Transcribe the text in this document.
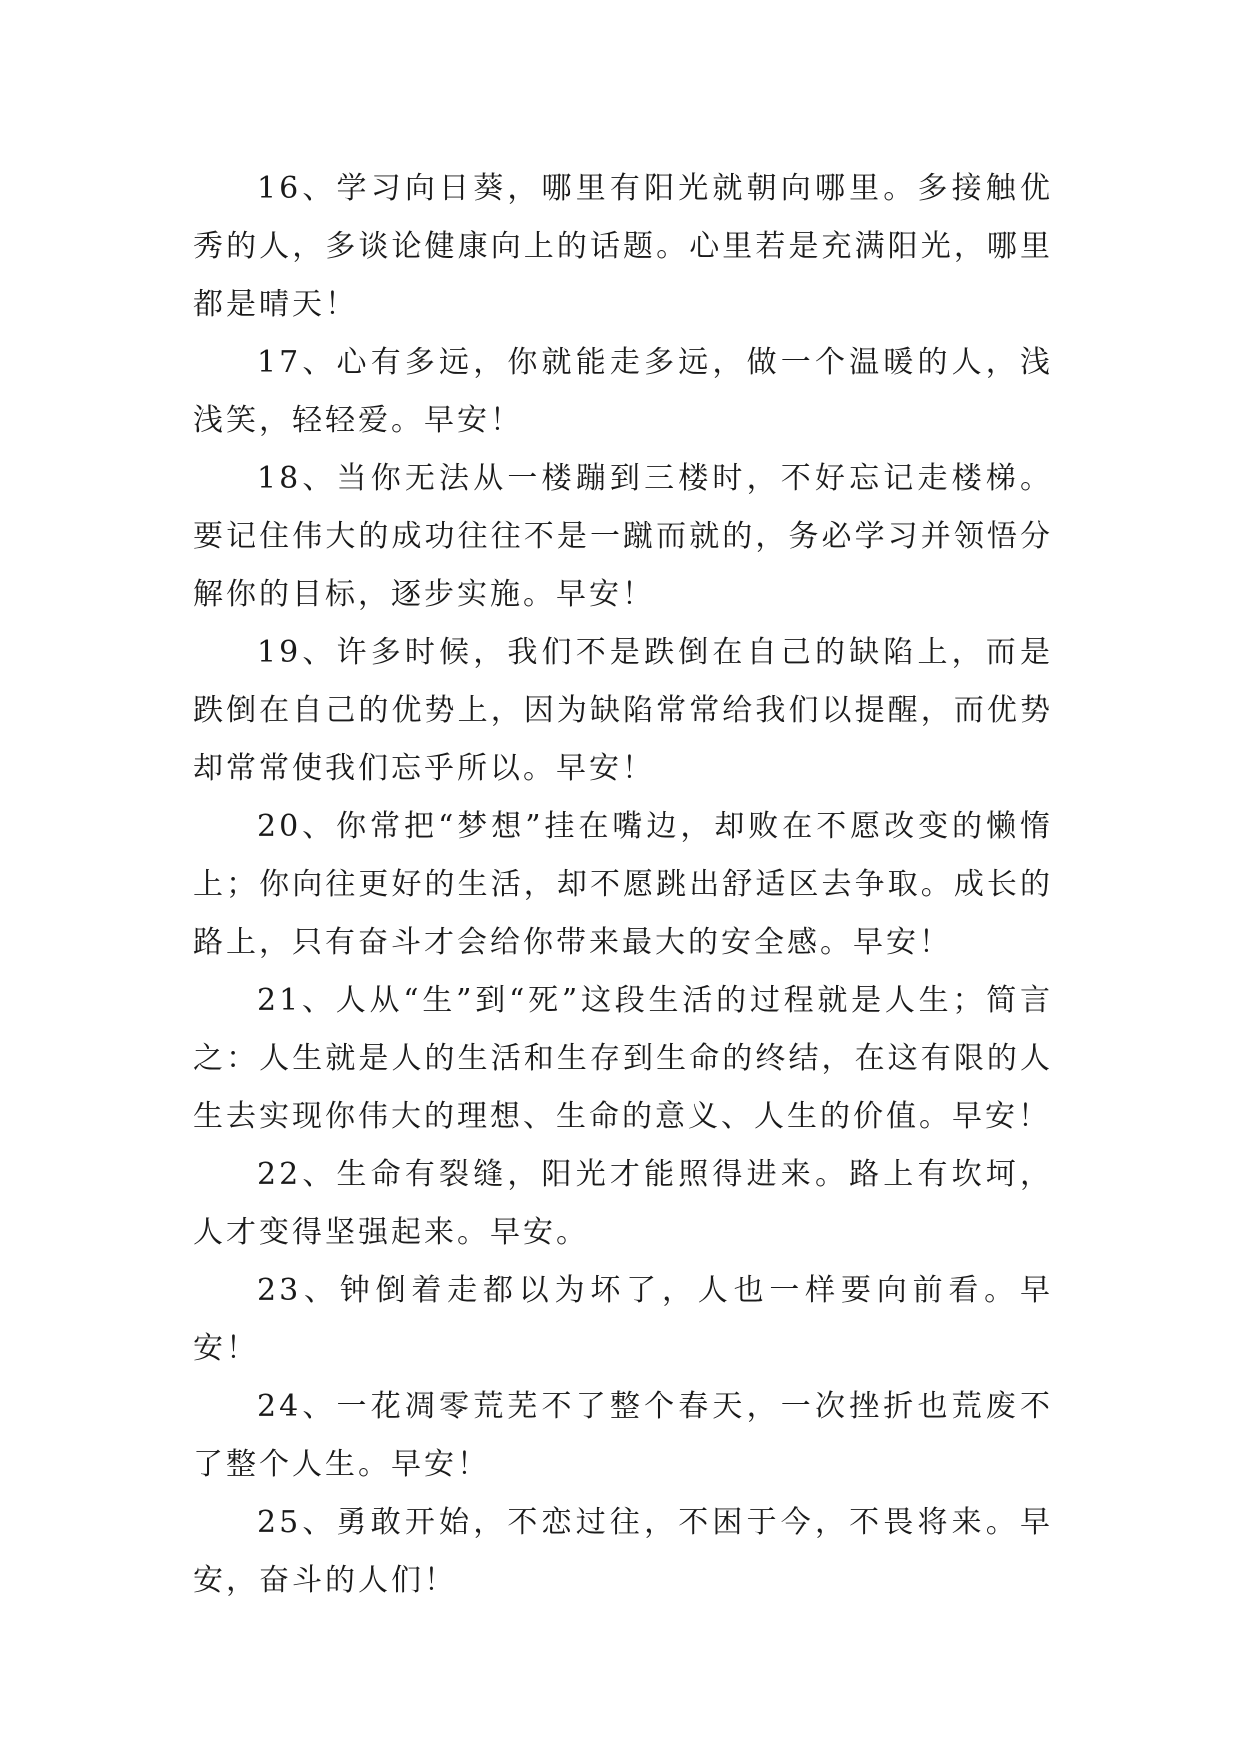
16、学习向日葵，哪里有阳光就朝向哪里。多接触优秀的人，多谈论健康向上的话题。心里若是充满阳光，哪里都是晴天！

17、心有多远，你就能走多远，做一个温暖的人，浅浅笑，轻轻爱。早安！

18、当你无法从一楼蹦到三楼时，不好忘记走楼梯。要记住伟大的成功往往不是一蹴而就的，务必学习并领悟分解你的目标，逐步实施。早安！

19、许多时候，我们不是跌倒在自己的缺陷上，而是跌倒在自己的优势上，因为缺陷常常给我们以提醒，而优势却常常使我们忘乎所以。早安！

20、你常把“梦想”挂在嘴边，却败在不愿改变的懒惰上；你向往更好的生活，却不愿跳出舒适区去争取。成长的路上，只有奋斗才会给你带来最大的安全感。早安！

21、人从“生”到“死”这段生活的过程就是人生；简言之：人生就是人的生活和生存到生命的终结，在这有限的人生去实现你伟大的理想、生命的意义、人生的价值。早安！

22、生命有裂缝，阳光才能照得进来。路上有坎坷，人才变得坚强起来。早安。

23、钟倒着走都以为坏了，人也一样要向前看。早安！

24、一花凋零荒芜不了整个春天，一次挫折也荒废不了整个人生。早安！

25、勇敢开始，不恋过往，不困于今，不畏将来。早安，奋斗的人们！
